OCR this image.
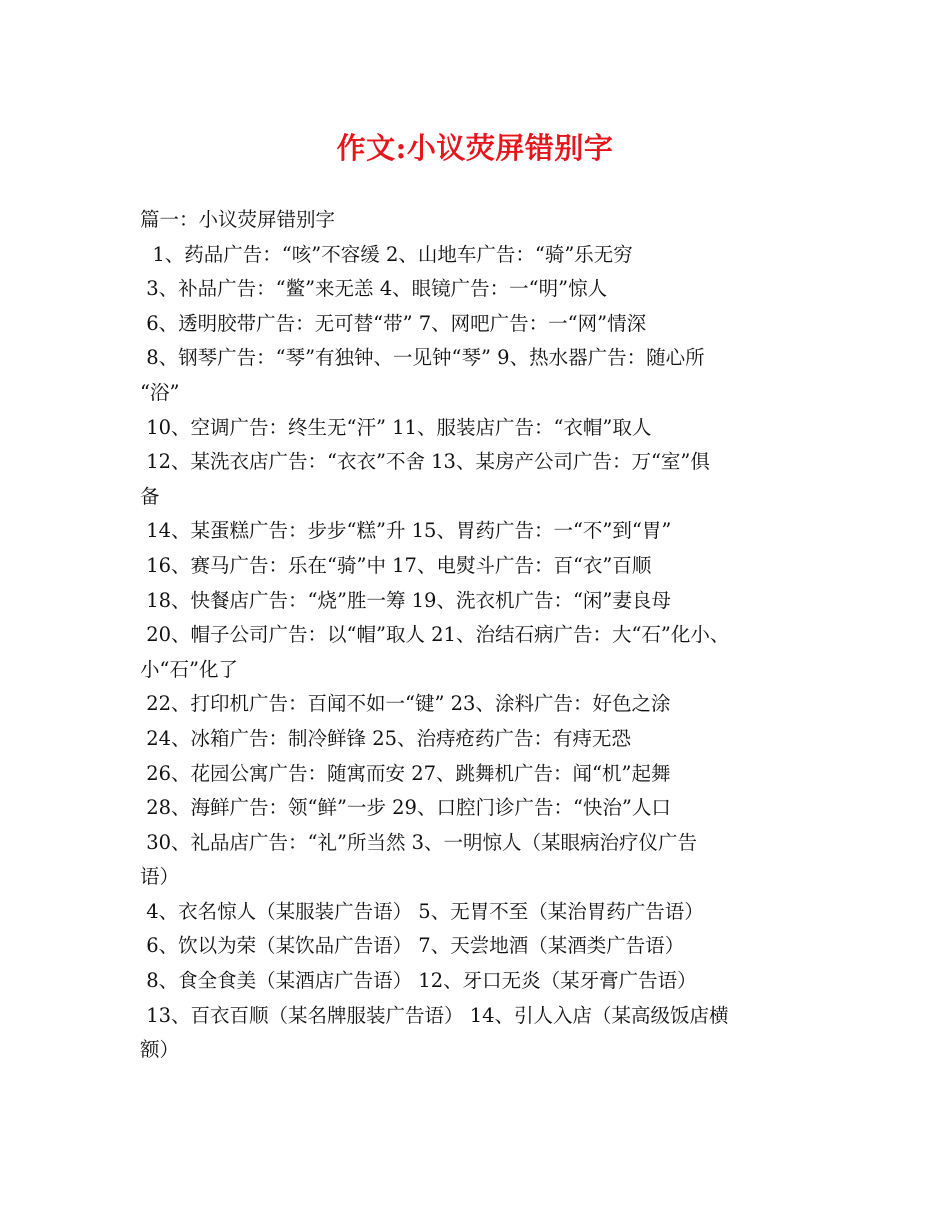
作文:小议荧屏错别字
篇一：小议荧屏错别字
1、药品广告：“咳”不容缓 2、山地车广告：“骑”乐无穷
3、补品广告：“鳖”来无恙 4、眼镜广告：一“明”惊人
6、透明胶带广告：无可替“带” 7、网吧广告：一“网”情深
8、钢琴广告：“琴”有独钟、一见钟“琴” 9、热水器广告：随心所
“浴”
10、空调广告：终生无“汗” 11、服装店广告：“衣帽”取人
12、某洗衣店广告：“衣衣”不舍 13、某房产公司广告：万“室”俱
备
14、某蛋糕广告：步步“糕”升 15、胃药广告：一“不”到“胃”
16、赛马广告：乐在“骑”中 17、电熨斗广告：百“衣”百顺
18、快餐店广告：“烧”胜一筹 19、洗衣机广告：“闲”妻良母
20、帽子公司广告：以“帽”取人 21、治结石病广告：大“石”化小、
小“石”化了
22、打印机广告：百闻不如一“键” 23、涂料广告：好色之涂
24、冰箱广告：制冷鲜锋 25、治痔疮药广告：有痔无恐
26、花园公寓广告：随寓而安 27、跳舞机广告：闻“机”起舞
28、海鲜广告：领“鲜”一步 29、口腔门诊广告：“快治”人口
30、礼品店广告：“礼”所当然 3、一明惊人（某眼病治疗仪广告
语）
4、衣名惊人（某服装广告语） 5、无胃不至（某治胃药广告语）
6、饮以为荣（某饮品广告语） 7、天尝地酒（某酒类广告语）
8、食全食美（某酒店广告语） 12、牙口无炎（某牙膏广告语）
13、百衣百顺（某名牌服装广告语） 14、引人入店（某高级饭店横
额）
